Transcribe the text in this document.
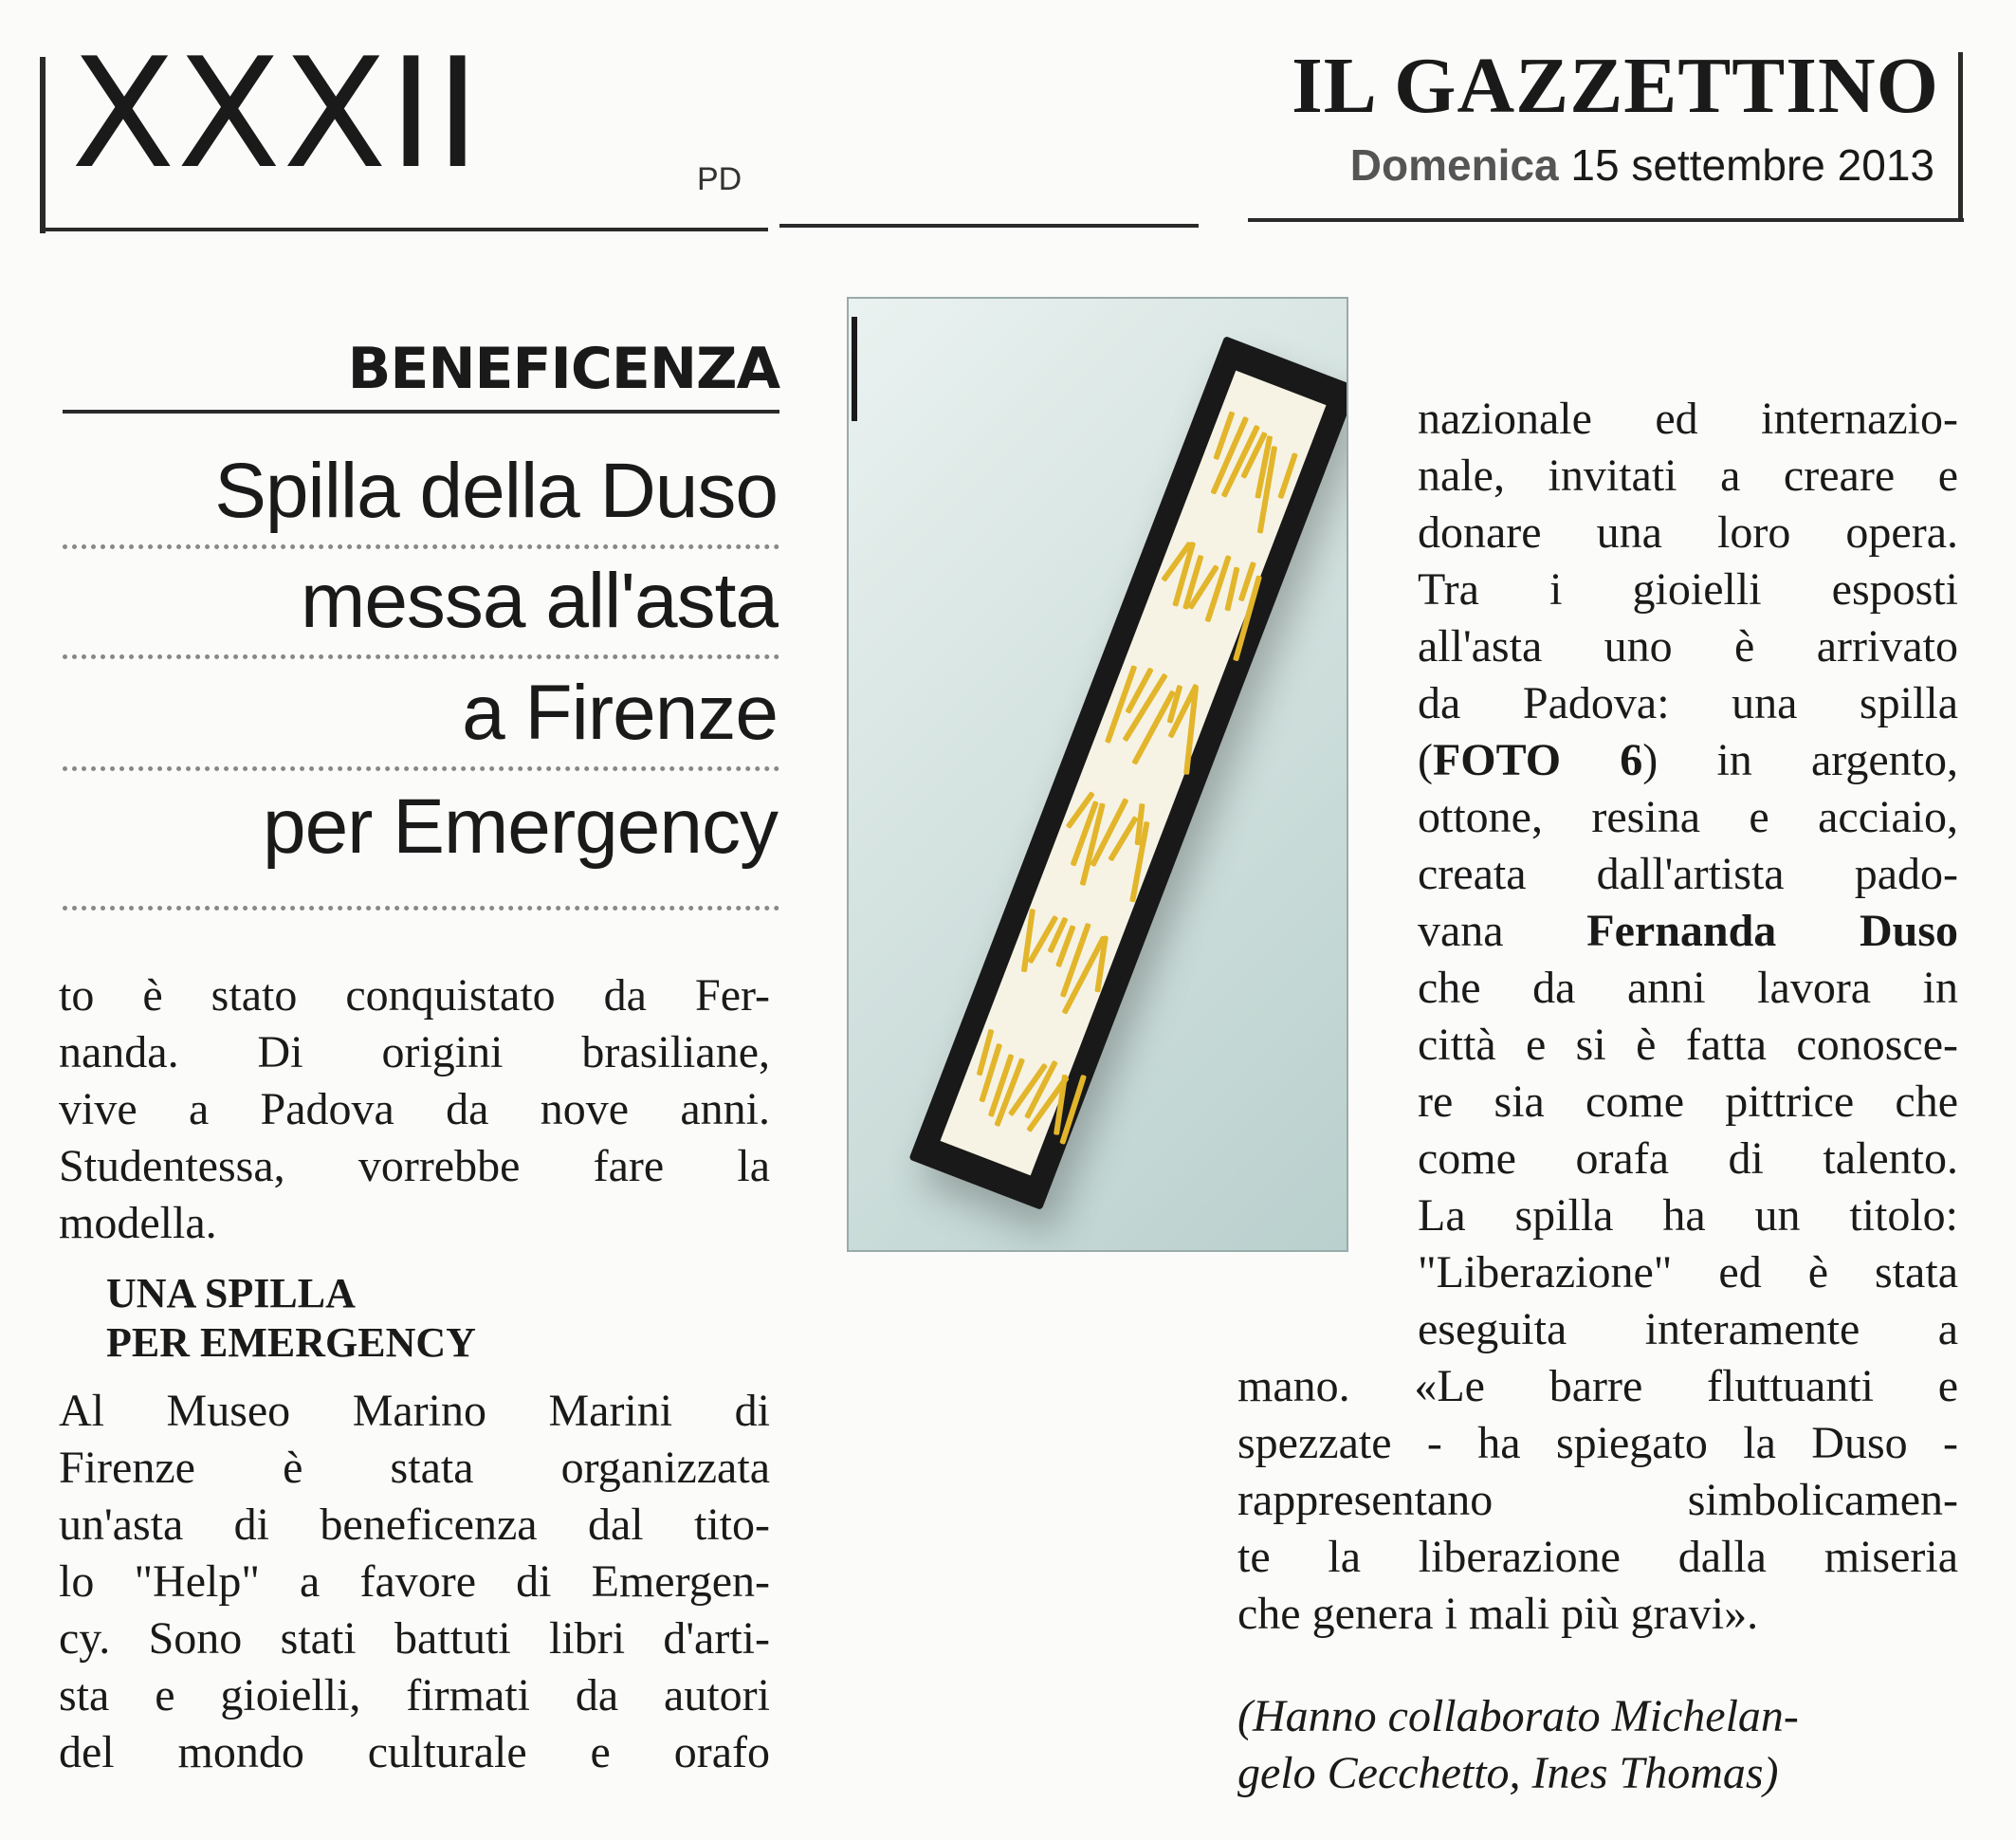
XXXII	PD
IL GAZZETTINO
Domenica 15 settembre 2013
BENEFICENZA
Spilla della Duso
messa all'asta
a Firenze
per Emergency
to è stato conquistato da Fer-
nanda. Di origini brasiliane,
vive a Padova da nove anni.
Studentessa, vorrebbe fare la
modella.
UNA SPILLA
PER EMERGENCY
Al Museo Marino Marini di
Firenze è stata organizzata
un'asta di beneficenza dal tito-
lo "Help" a favore di Emergen-
cy. Sono stati battuti libri d'arti-
sta e gioielli, firmati da autori
del mondo culturale e orafo
nazionale ed internazio-
nale, invitati a creare e
donare una loro opera.
Tra i gioielli esposti
all'asta uno è arrivato
da Padova: una spilla
(FOTO 6) in argento,
ottone, resina e acciaio,
creata dall'artista pado-
vana Fernanda Duso
che da anni lavora in
città e si è fatta conosce-
re sia come pittrice che
come orafa di talento.
La spilla ha un titolo:
"Liberazione" ed è stata
eseguita interamente a
mano. «Le barre fluttuanti e
spezzate - ha spiegato la Duso -
rappresentano simbolicamen-
te la liberazione dalla miseria
che genera i mali più gravi».
(Hanno collaborato Michelan-
gelo Cecchetto, Ines Thomas)
